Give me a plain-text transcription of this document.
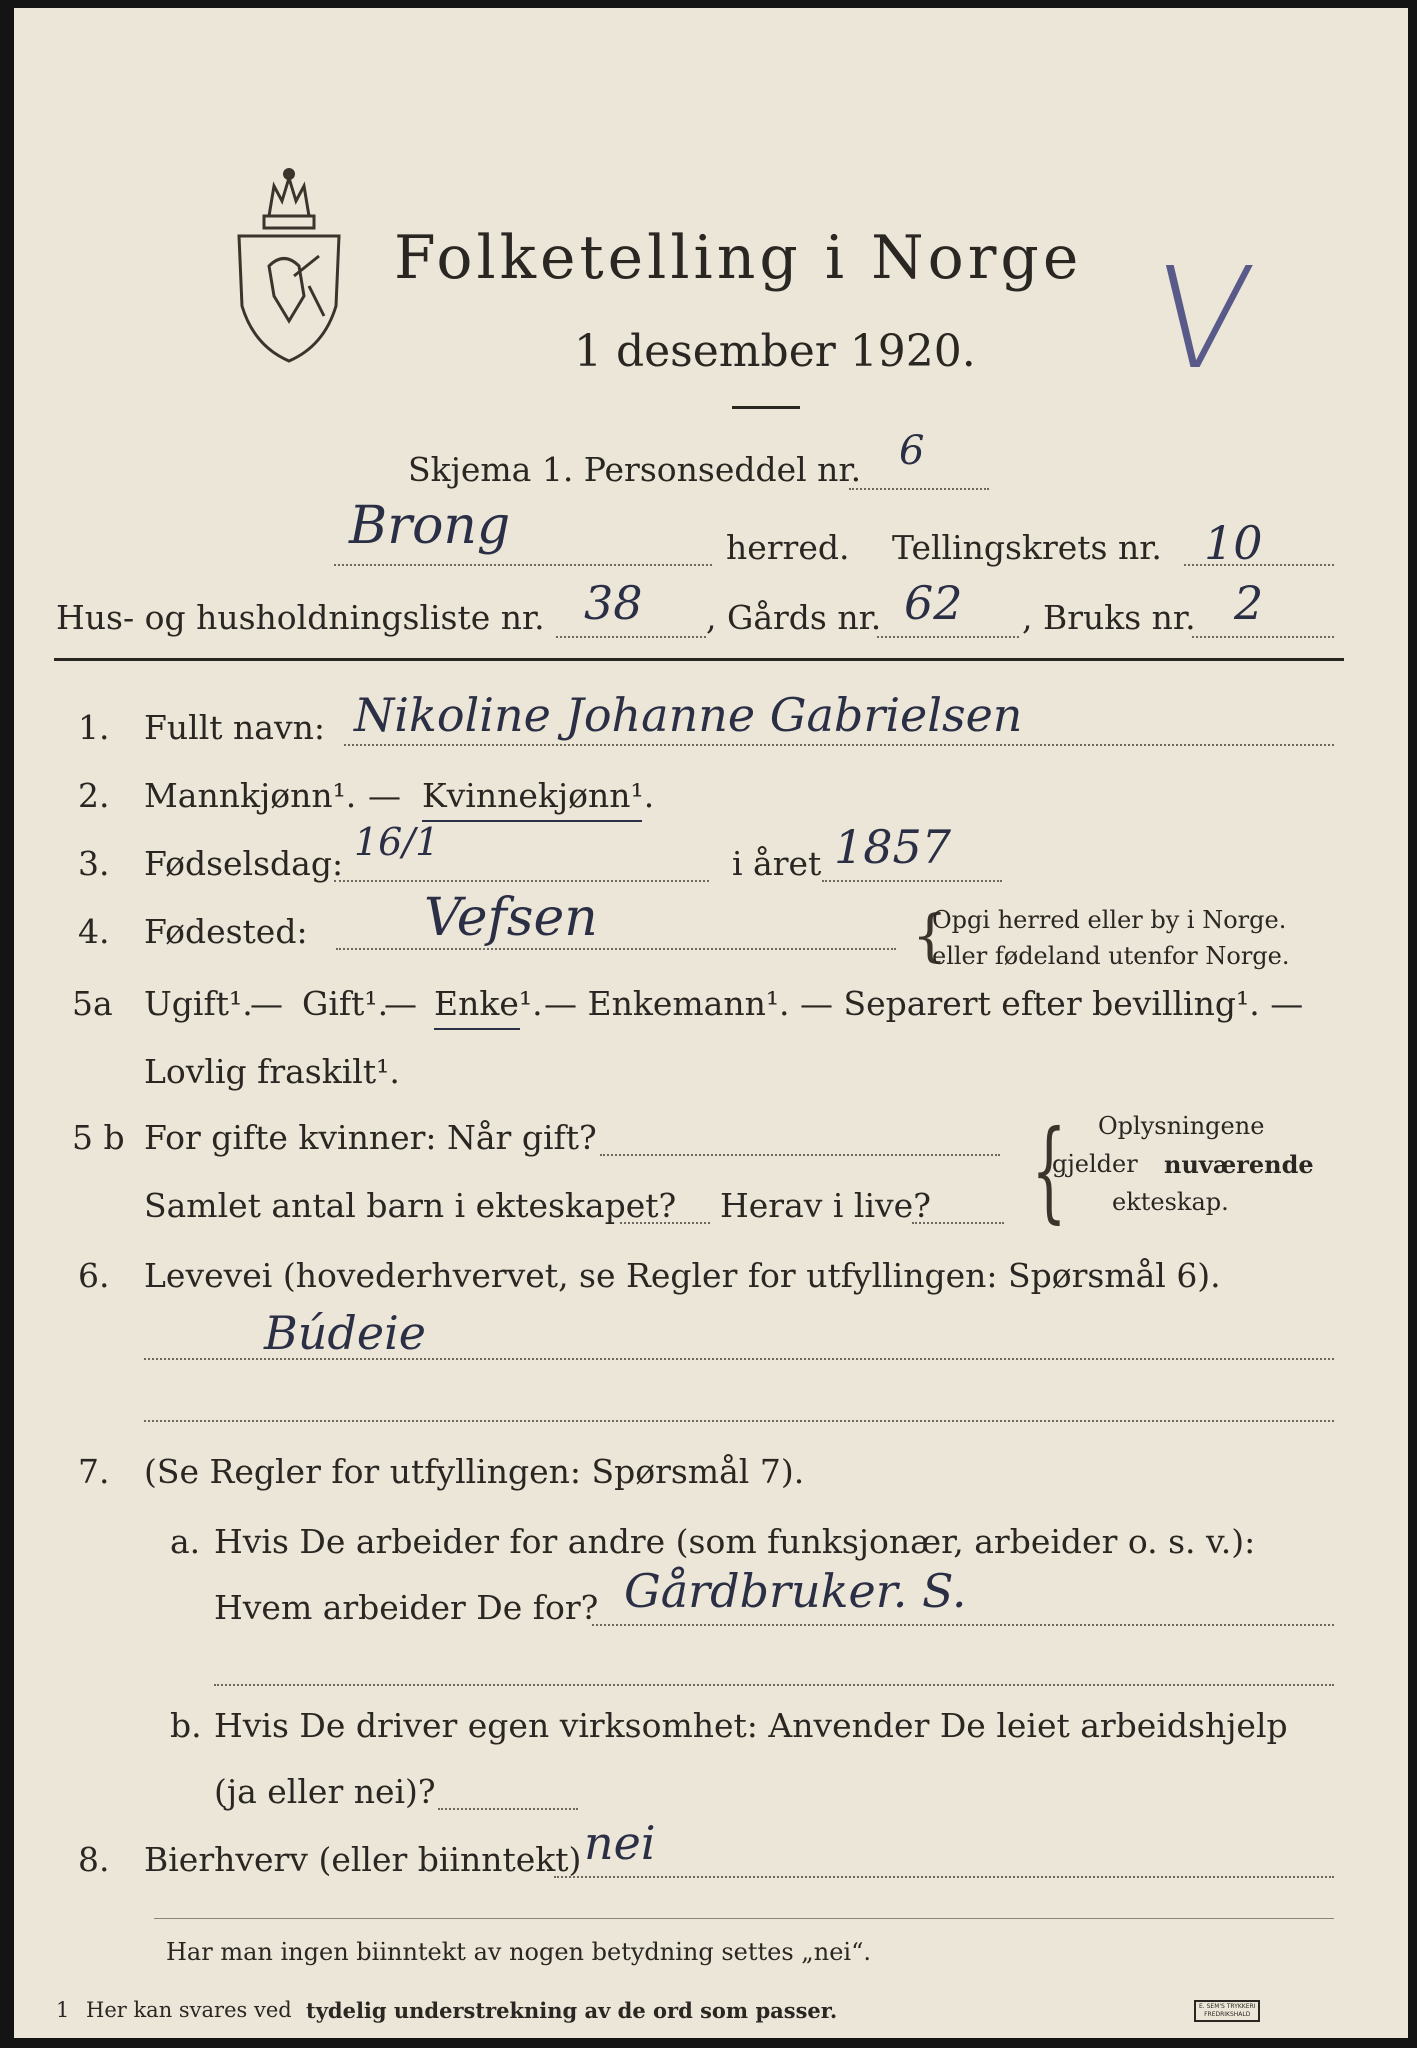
Folketelling i Norge
1 desember 1920. V
Skjema 1. Personseddel nr. 6
Brong	herred. Tellingskrets nr. 10
Hus- og husholdningsliste nr. 38 , Gårds nr. 62 , Bruks nr. 2
1. Fullt navn: Nikoline Johanne Gabrielsen
2. Mannkjønn¹. — Kvinnekjønn¹.
3. Fødselsdag: 16/1	i året 1857
4. Fødested: Vefsen	{
Opgi herred eller by i Norge.
eller fødeland utenfor Norge.
5a Ugift¹.
— Gift¹.
— Enke¹. — Enkemann¹. — Separert efter bevilling¹. —
Lovlig fraskilt¹.
5 b For gifte kvinner: Når gift?
Samlet antal barn i ekteskapet? Herav i live? { Oplysningene
gjelder nuværende
ekteskap.
6. Levevei (hovederhvervet, se Regler for utfyllingen: Spørsmål 6).
Búdeie
7. (Se Regler for utfyllingen: Spørsmål 7).
a. Hvis De arbeider for andre (som funksjonær, arbeider o. s. v.):
Hvem arbeider De for? Gårdbruker. S.
b. Hvis De driver egen virksomhet: Anvender De leiet arbeidshjelp
(ja eller nei)?
8. Bierhverv (eller biinntekt) nei
Har man ingen biinntekt av nogen betydning settes „nei“.
1 Her kan svares ved tydelig understrekning av de ord som passer.	E. SEM'S TRYKKERI
FREDRIKSHALD
